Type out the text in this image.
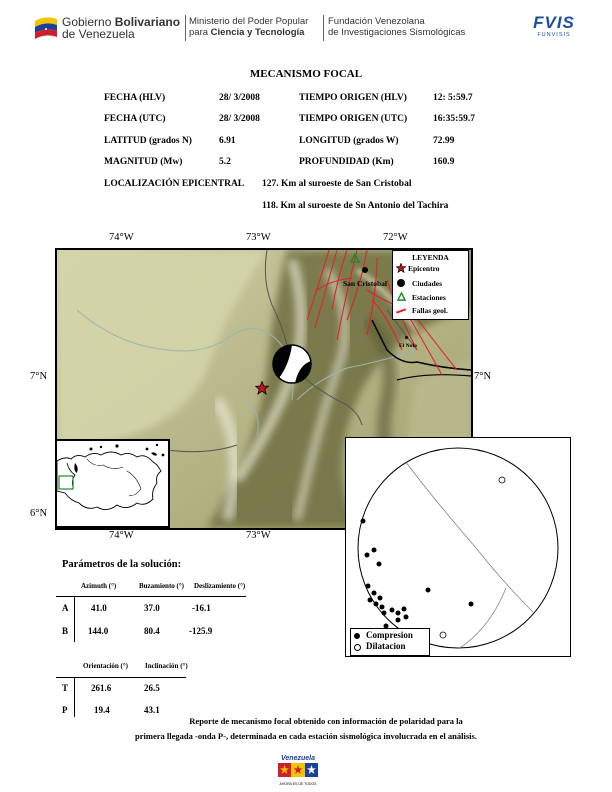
Gobierno Bolivariano
de Venezuela
Ministerio del Poder Popular
para Ciencia y Tecnología
Fundación Venezolana
de Investigaciones Sismológicas	FVIS
FUNVISIS
MECANISMO FOCAL
FECHA (HLV)	28/ 3/2008	TIEMPO ORIGEN (HLV)	12: 5:59.7
FECHA (UTC)	28/ 3/2008	TIEMPO ORIGEN (UTC)	16:35:59.7
LATITUD (grados N)	6.91	LONGITUD (grados W)	72.99
MAGNITUD (Mw)	5.2	PROFUNDIDAD (Km)	160.9
LOCALIZACIÓN EPICENTRAL 127. Km al suroeste de San Cristobal
118. Km al suroeste de Sn Antonio del Tachira
74°W	73°W	72°W
74°W	73°W
7°N	7°N
6°N
San Cristobal
El Nula
LEYENDA
Epicentro
Ciudades
Estaciones
Fallas geol.
Compresion
Dilatacion
Parámetros de la solución:
Azimuth (°)	Buzamiento (°) Deslizamiento (°)
A	41.0	37.0	-16.1
B 144.0	80.4	-125.9
Orientación (°) Inclinación (°)
T	261.6	26.5
P	19.4	43.1
Reporte de mecanismo focal obtenido con información de polaridad para la
primera llegada -onda P-, determinada en cada estación sismológica involucrada en el análisis.
Venezuela
AHORA ES DE TODOS
